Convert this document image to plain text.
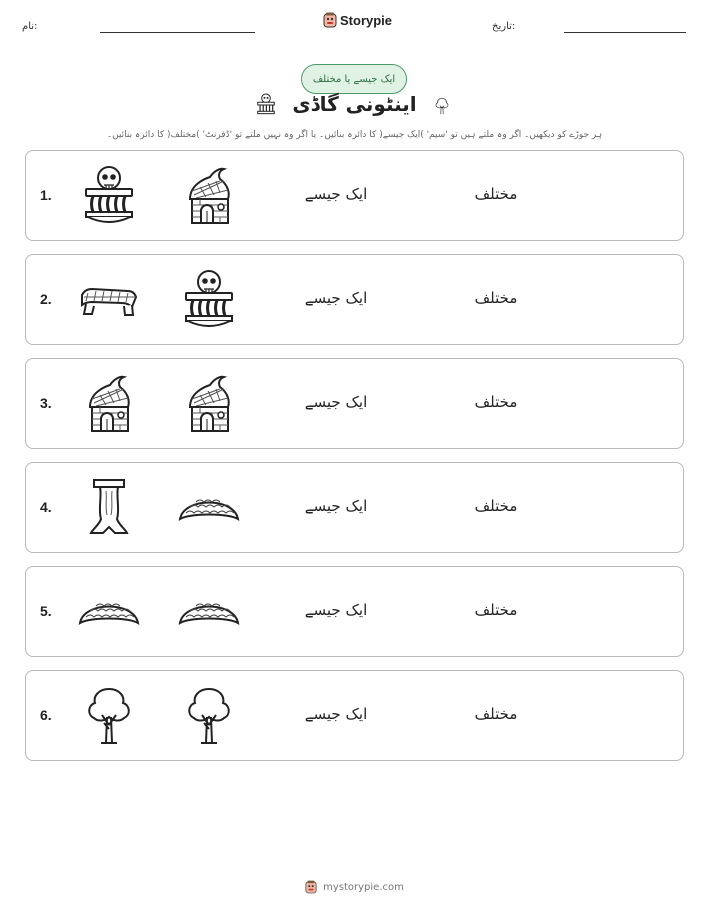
نام:	Storypie	تاریخ:
ایک جیسے یا مختلف
اینٹونی گاڈی
ہر جوڑے کو دیکھیں۔ اگر وہ ملتے ہیں تو 'سیم' )ایک جیسے( کا دائرہ بنائیں۔ یا اگر وہ نہیں ملتے تو 'ڈفرنٹ' )مختلف( کا دائرہ بنائیں۔
1.	ایک جیسے	مختلف
2.	ایک جیسے	مختلف
3.	ایک جیسے	مختلف
4.	ایک جیسے	مختلف
5.	ایک جیسے	مختلف
6.	ایک جیسے	مختلف
mystorypie.com
